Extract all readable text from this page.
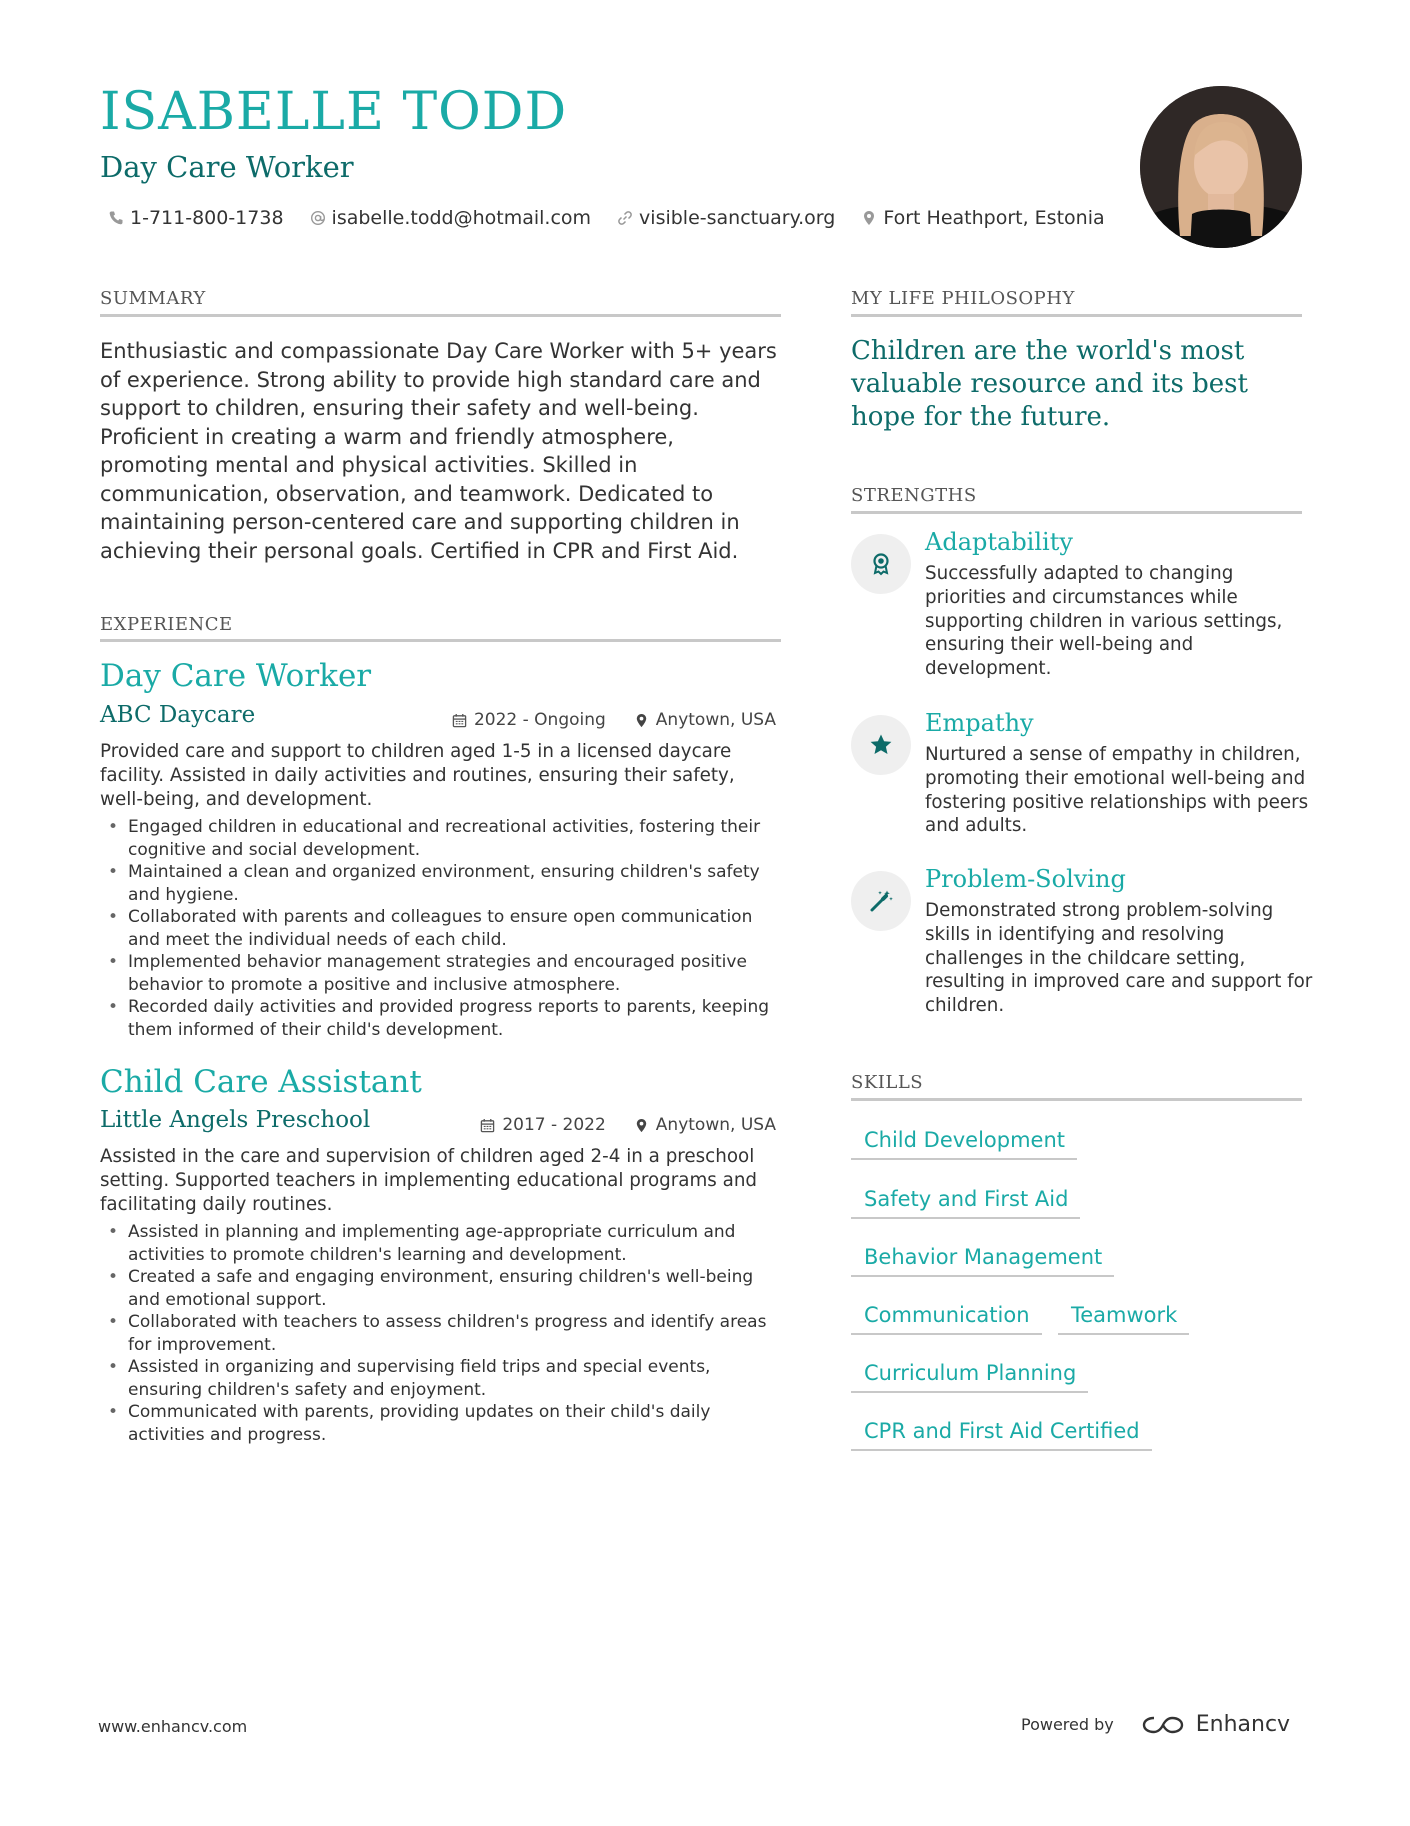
ISABELLE TODD
Day Care Worker
1-711-800-1738	isabelle.todd@hotmail.com	visible-sanctuary.org	Fort Heathport, Estonia
SUMMARY
Enthusiastic and compassionate Day Care Worker with 5+ years of experience. Strong ability to provide high standard care and support to children, ensuring their safety and well-being. Proficient in creating a warm and friendly atmosphere, promoting mental and physical activities. Skilled in communication, observation, and teamwork. Dedicated to maintaining person-centered care and supporting children in achieving their personal goals. Certified in CPR and First Aid.
EXPERIENCE
Day Care Worker
ABC Daycare	2022 - Ongoing	Anytown, USA
Provided care and support to children aged 1-5 in a licensed daycare facility. Assisted in daily activities and routines, ensuring their safety, well-being, and development.
• Engaged children in educational and recreational activities, fostering their cognitive and social development.
• Maintained a clean and organized environment, ensuring children's safety and hygiene.
• Collaborated with parents and colleagues to ensure open communication and meet the individual needs of each child.
• Implemented behavior management strategies and encouraged positive behavior to promote a positive and inclusive atmosphere.
• Recorded daily activities and provided progress reports to parents, keeping them informed of their child's development.
Child Care Assistant
Little Angels Preschool	2017 - 2022	Anytown, USA
Assisted in the care and supervision of children aged 2-4 in a preschool setting. Supported teachers in implementing educational programs and facilitating daily routines.
• Assisted in planning and implementing age-appropriate curriculum and activities to promote children's learning and development.
• Created a safe and engaging environment, ensuring children's well-being and emotional support.
• Collaborated with teachers to assess children's progress and identify areas for improvement.
• Assisted in organizing and supervising field trips and special events, ensuring children's safety and enjoyment.
• Communicated with parents, providing updates on their child's daily activities and progress.
MY LIFE PHILOSOPHY
Children are the world's most valuable resource and its best hope for the future.
STRENGTHS
Adaptability
Successfully adapted to changing priorities and circumstances while supporting children in various settings, ensuring their well-being and development.
Empathy
Nurtured a sense of empathy in children, promoting their emotional well-being and fostering positive relationships with peers and adults.
Problem-Solving
Demonstrated strong problem-solving skills in identifying and resolving challenges in the childcare setting, resulting in improved care and support for children.
SKILLS
Child Development
Safety and First Aid
Behavior Management
Communication	Teamwork
Curriculum Planning
CPR and First Aid Certified
www.enhancv.com	Powered by	Enhancv
